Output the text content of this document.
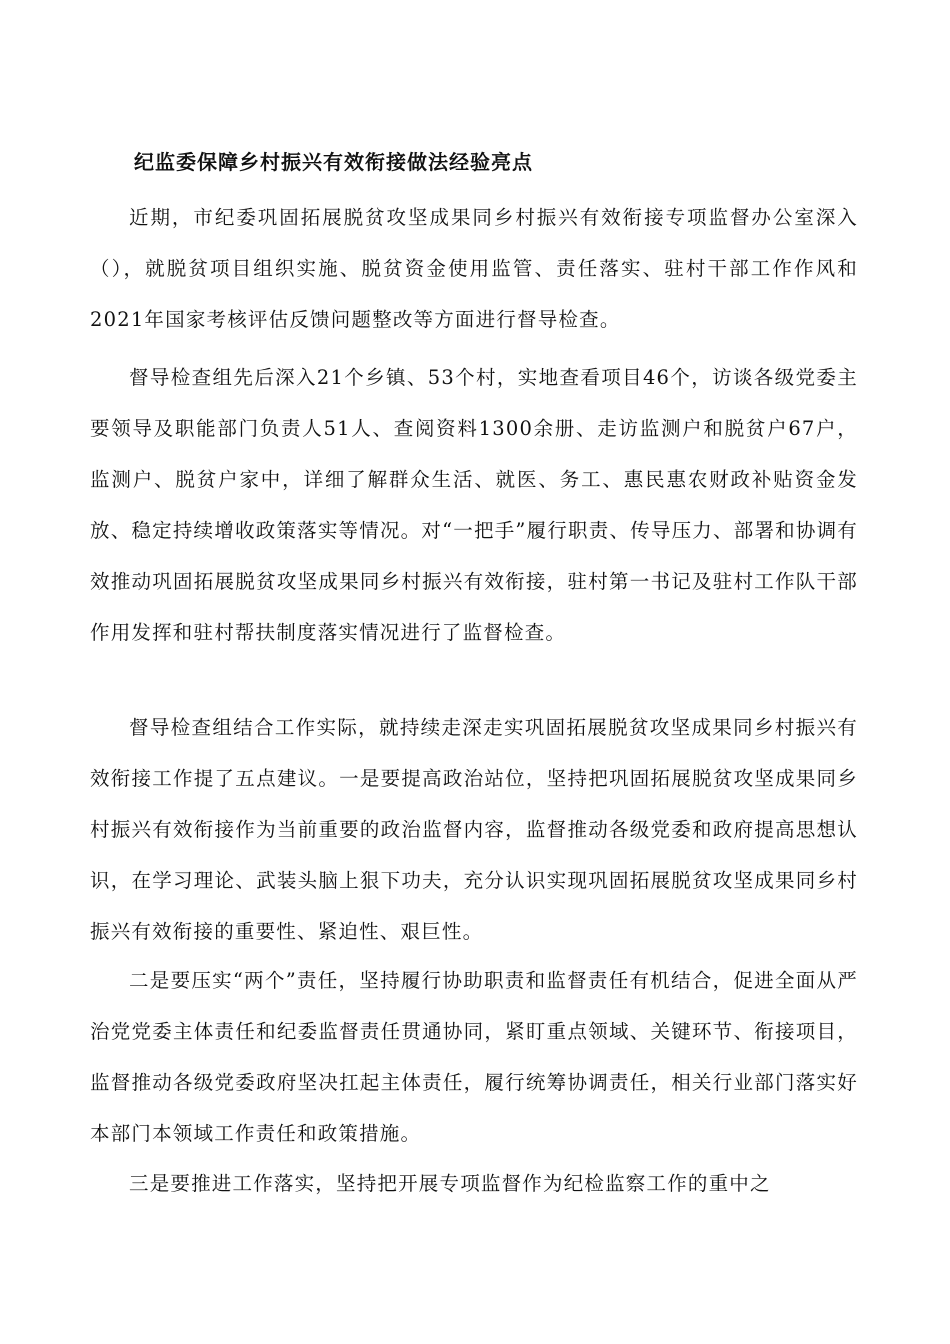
纪监委保障乡村振兴有效衔接做法经验亮点

近期，市纪委巩固拓展脱贫攻坚成果同乡村振兴有效衔接专项监督办公室深入（），就脱贫项目组织实施、脱贫资金使用监管、责任落实、驻村干部工作作风和2021年国家考核评估反馈问题整改等方面进行督导检查。

督导检查组先后深入21个乡镇、53个村，实地查看项目46个，访谈各级党委主要领导及职能部门负责人51人、查阅资料1300余册、走访监测户和脱贫户67户，监测户、脱贫户家中，详细了解群众生活、就医、务工、惠民惠农财政补贴资金发放、稳定持续增收政策落实等情况。对“一把手”履行职责、传导压力、部署和协调有效推动巩固拓展脱贫攻坚成果同乡村振兴有效衔接，驻村第一书记及驻村工作队干部作用发挥和驻村帮扶制度落实情况进行了监督检查。

督导检查组结合工作实际，就持续走深走实巩固拓展脱贫攻坚成果同乡村振兴有效衔接工作提了五点建议。一是要提高政治站位，坚持把巩固拓展脱贫攻坚成果同乡村振兴有效衔接作为当前重要的政治监督内容，监督推动各级党委和政府提高思想认识，在学习理论、武装头脑上狠下功夫，充分认识实现巩固拓展脱贫攻坚成果同乡村振兴有效衔接的重要性、紧迫性、艰巨性。

二是要压实“两个”责任，坚持履行协助职责和监督责任有机结合，促进全面从严治党党委主体责任和纪委监督责任贯通协同，紧盯重点领域、关键环节、衔接项目，监督推动各级党委政府坚决扛起主体责任，履行统筹协调责任，相关行业部门落实好本部门本领域工作责任和政策措施。

三是要推进工作落实，坚持把开展专项监督作为纪检监察工作的重中之
